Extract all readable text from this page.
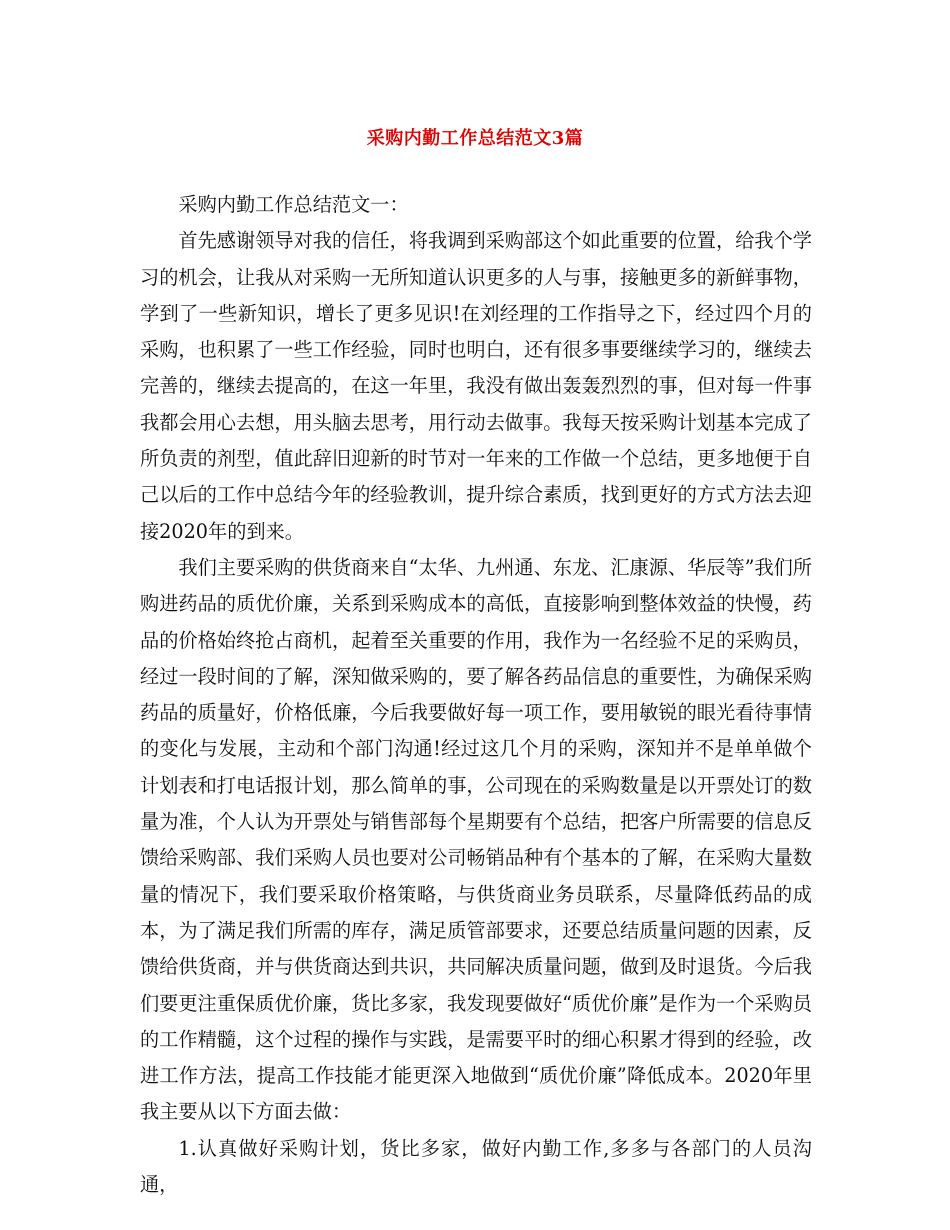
采购内勤工作总结范文3篇

采购内勤工作总结范文一：

首先感谢领导对我的信任，将我调到采购部这个如此重要的位置，给我个学习的机会，让我从对采购一无所知道认识更多的人与事，接触更多的新鲜事物，学到了一些新知识，增长了更多见识!在刘经理的工作指导之下，经过四个月的采购，也积累了一些工作经验，同时也明白，还有很多事要继续学习的，继续去完善的，继续去提高的，在这一年里，我没有做出轰轰烈烈的事，但对每一件事我都会用心去想，用头脑去思考，用行动去做事。我每天按采购计划基本完成了所负责的剂型，值此辞旧迎新的时节对一年来的工作做一个总结，更多地便于自己以后的工作中总结今年的经验教训，提升综合素质，找到更好的方式方法去迎接2020年的到来。

我们主要采购的供货商来自“太华、九州通、东龙、汇康源、华辰等”我们所购进药品的质优价廉，关系到采购成本的高低，直接影响到整体效益的快慢，药品的价格始终抢占商机，起着至关重要的作用，我作为一名经验不足的采购员，经过一段时间的了解，深知做采购的，要了解各药品信息的重要性，为确保采购药品的质量好，价格低廉，今后我要做好每一项工作，要用敏锐的眼光看待事情的变化与发展，主动和个部门沟通!经过这几个月的采购，深知并不是单单做个计划表和打电话报计划，那么简单的事，公司现在的采购数量是以开票处订的数量为准，个人认为开票处与销售部每个星期要有个总结，把客户所需要的信息反馈给采购部、我们采购人员也要对公司畅销品种有个基本的了解，在采购大量数量的情况下，我们要采取价格策略，与供货商业务员联系，尽量降低药品的成本，为了满足我们所需的库存，满足质管部要求，还要总结质量问题的因素，反馈给供货商，并与供货商达到共识，共同解决质量问题，做到及时退货。今后我们要更注重保质优价廉，货比多家，我发现要做好“质优价廉”是作为一个采购员的工作精髓，这个过程的操作与实践，是需要平时的细心积累才得到的经验，改进工作方法，提高工作技能才能更深入地做到“质优价廉”降低成本。2020年里我主要从以下方面去做：

1.认真做好采购计划，货比多家，做好内勤工作,多多与各部门的人员沟通，
